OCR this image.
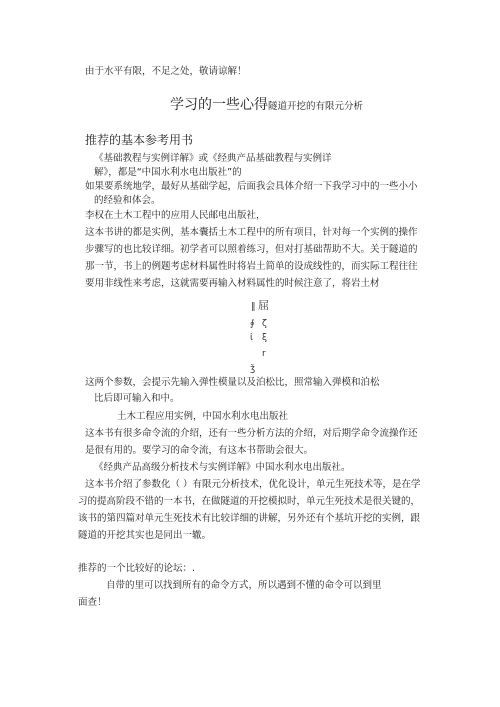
由于水平有限，不足之处，敬请谅解！
学习的一些心得隧道开挖的有限元分析
推荐的基本参考用书
《基础教程与实例详解》或《经典产品基础教程与实例详
解》，都是“中国水利水电出版社”的
如果要系统地学，最好从基础学起，后面我会具体介绍一下我学习中的一些小小
的经验和体会。
李权在土木工程中的应用人民邮电出版社，
这本书讲的都是实例，基本囊括土木工程中的所有项目，针对每一个实例的操作
步骤写的也比较详细。初学者可以照着练习，但对打基础帮助不大。关于隧道的
那一节，书上的例题考虑材料属性时将岩土简单的设成线性的，而实际工程往往
要用非线性来考虑，这就需要再输入材料属性的时候注意了，将岩土材
‖ 屈
∮ ζ
ἰ ξ
r
ǯ
这两个参数，会提示先输入弹性模量以及泊松比，照常输入弹模和泊松
比后即可输入和中。
土木工程应用实例，中国水利水电出版社
这本书有很多命令流的介绍，还有一些分析方法的介绍，对后期学命令流操作还
是很有用的。要学习的命令流，有这本书帮助会很大。
《经典产品高级分析技术与实例详解》中国水利水电出版社。
这本书介绍了参数化（ ）有限元分析技术，优化设计，单元生死技术等，是在学
习的提高阶段不错的一本书，在做隧道的开挖模拟时，单元生死技术是很关键的，
该书的第四篇对单元生死技术有比较详细的讲解，另外还有个基坑开挖的实例，跟
隧道的开挖其实也是同出一辙。
推荐的一个比较好的论坛：.
自带的里可以找到所有的命令方式，所以遇到不懂的命令可以到里
面查！
